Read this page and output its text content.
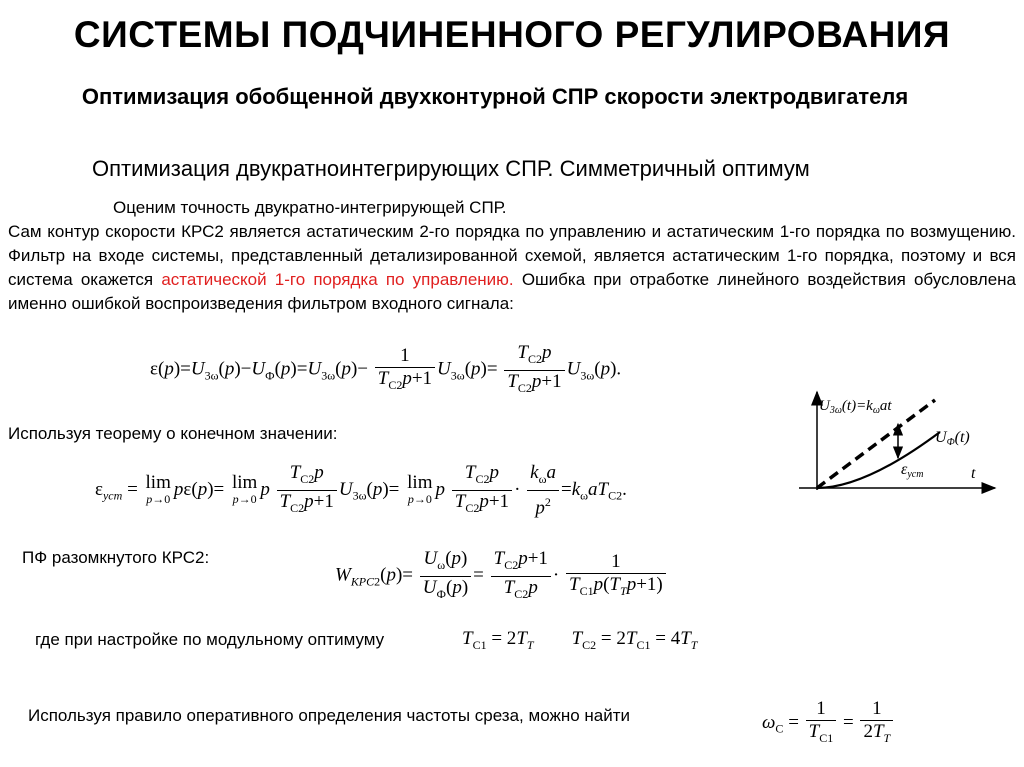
СИСТЕМЫ ПОДЧИНЕННОГО РЕГУЛИРОВАНИЯ
Оптимизация обобщенной двухконтурной СПР скорости электродвигателя
Оптимизация двукратноинтегрирующих СПР. Симметричный оптимум
Оценим точность двукратно-интегрирующей СПР.
Сам контур скорости КРС2 является астатическим 2-го порядка по управлению и астатическим 1-го порядка по возмущению. Фильтр на входе системы, представленный детализированной схемой, является астатическим 1-го порядка, поэтому и вся система окажется астатической 1-го порядка по управлению. Ошибка при отработке линейного воздействия обусловлена именно ошибкой воспроизведения фильтром входного сигнала:
$\varepsilon(p)=U_{3\omega}(p)-U_Ф(p)=U_{3\omega}(p)- \frac{1}{T_{C2}p+1} U_{3\omega}(p)= \frac{T_{C2}p}{T_{C2}p+1} U_{3\omega}(p)$.
Используя теорему о конечном значении:
$\varepsilon_{уст} = \lim$
p→0 pε(p)= lim
p→0 p $\frac{T_{C2}p}{T_{C2}p+1} U_{3\omega}(p)= \lim$
p→0 p $\frac{T_{C2}p}{T_{C2}p+1} \cdot \frac{k_\omega a}{p^2} =k_\omega aT_{C2}$.
ПФ разомкнутого КРС2:
$W_{КРС2}(p)= \frac{U_\omega(p)}{U_Ф(p)} = \frac{T_{C2}p+1}{T_{C2}p} \cdot \frac{1}{T_{C1}p(T_Tp+1)}$
где при настройке по модульному оптимуму	$T_{C1} = 2T_T$ $T_{C2} = 2T_{C1} = 4T_T$
Используя правило оперативного определения частоты среза, можно найти	$\omega_C = \frac{1}{T_{C1}} = \frac{1}{2T_T}$
$U_{3\omega}(t)=k_\omega at$
UФ(t)
εуст	t
